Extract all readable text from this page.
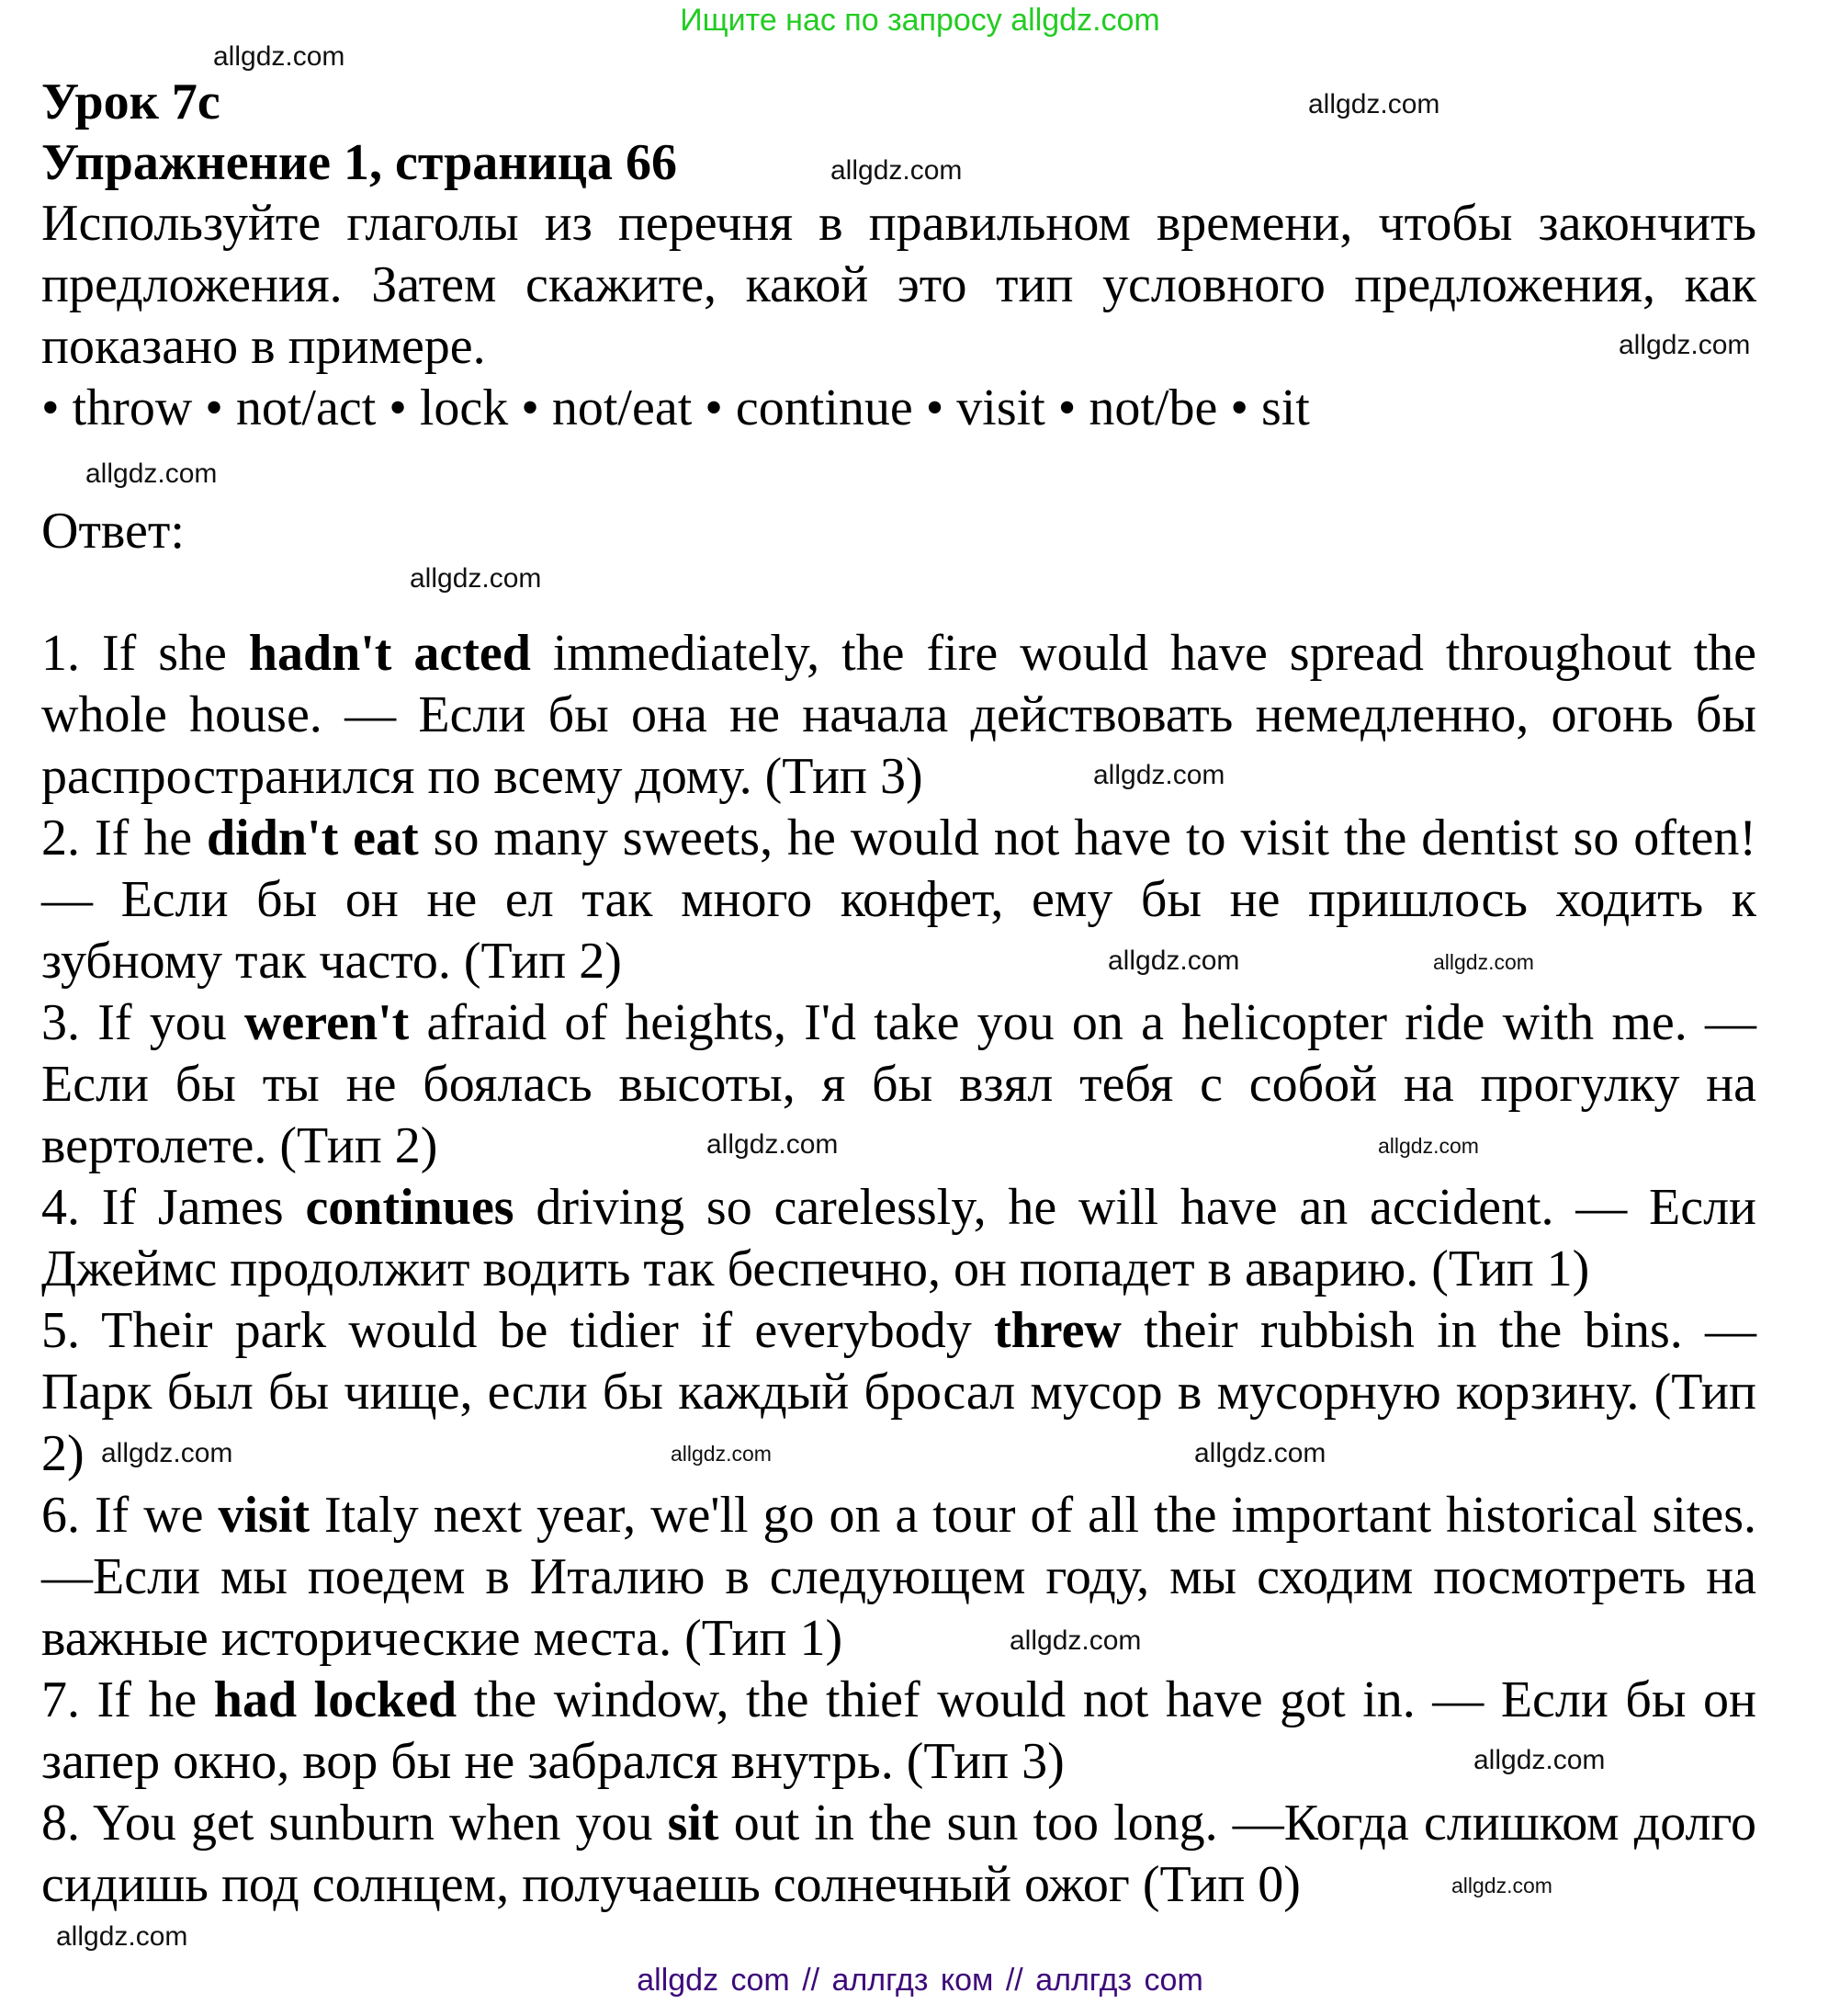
Ищите нас по запросу allgdz.com
Урок 7c
Упражнение 1, страница 66
Используйте глаголы из перечня в правильном времени, чтобы закончить
предложения. Затем скажите, какой это тип условного предложения, как
показано в примере.
• throw • not/act • lock • not/eat • continue • visit • not/be • sit
Ответ:
1. If she hadn't acted immediately, the fire would have spread throughout the
whole house. — Если бы она не начала действовать немедленно, огонь бы
распространился по всему дому. (Тип 3)
2. If he didn't eat so many sweets, he would not have to visit the dentist so often!
— Если бы он не ел так много конфет, ему бы не пришлось ходить к
зубному так часто. (Тип 2)
3. If you weren't afraid of heights, I'd take you on a helicopter ride with me. —
Если бы ты не боялась высоты, я бы взял тебя с собой на прогулку на
вертолете. (Тип 2)
4. If James continues driving so carelessly, he will have an accident. — Если
Джеймс продолжит водить так беспечно, он попадет в аварию. (Тип 1)
5. Their park would be tidier if everybody threw their rubbish in the bins. —
Парк был бы чище, если бы каждый бросал мусор в мусорную корзину. (Тип
2)
6. If we visit Italy next year, we'll go on a tour of all the important historical sites.
—Если мы поедем в Италию в следующем году, мы сходим посмотреть на
важные исторические места. (Тип 1)
7. If he had locked the window, the thief would not have got in. — Если бы он
запер окно, вор бы не забрался внутрь. (Тип 3)
8. You get sunburn when you sit out in the sun too long. —Когда слишком долго
сидишь под солнцем, получаешь солнечный ожог (Тип 0)
allgdz.com
allgdz.com
allgdz.com
allgdz.com
allgdz.com
allgdz.com
allgdz.com
allgdz.com
allgdz.com
allgdz.com
allgdz.com
allgdz.com
allgdz.com
allgdz.com
allgdz.com
allgdz.com
allgdz.com
allgdz.com
allgdz com // аллгдз ком // аллгдз com
